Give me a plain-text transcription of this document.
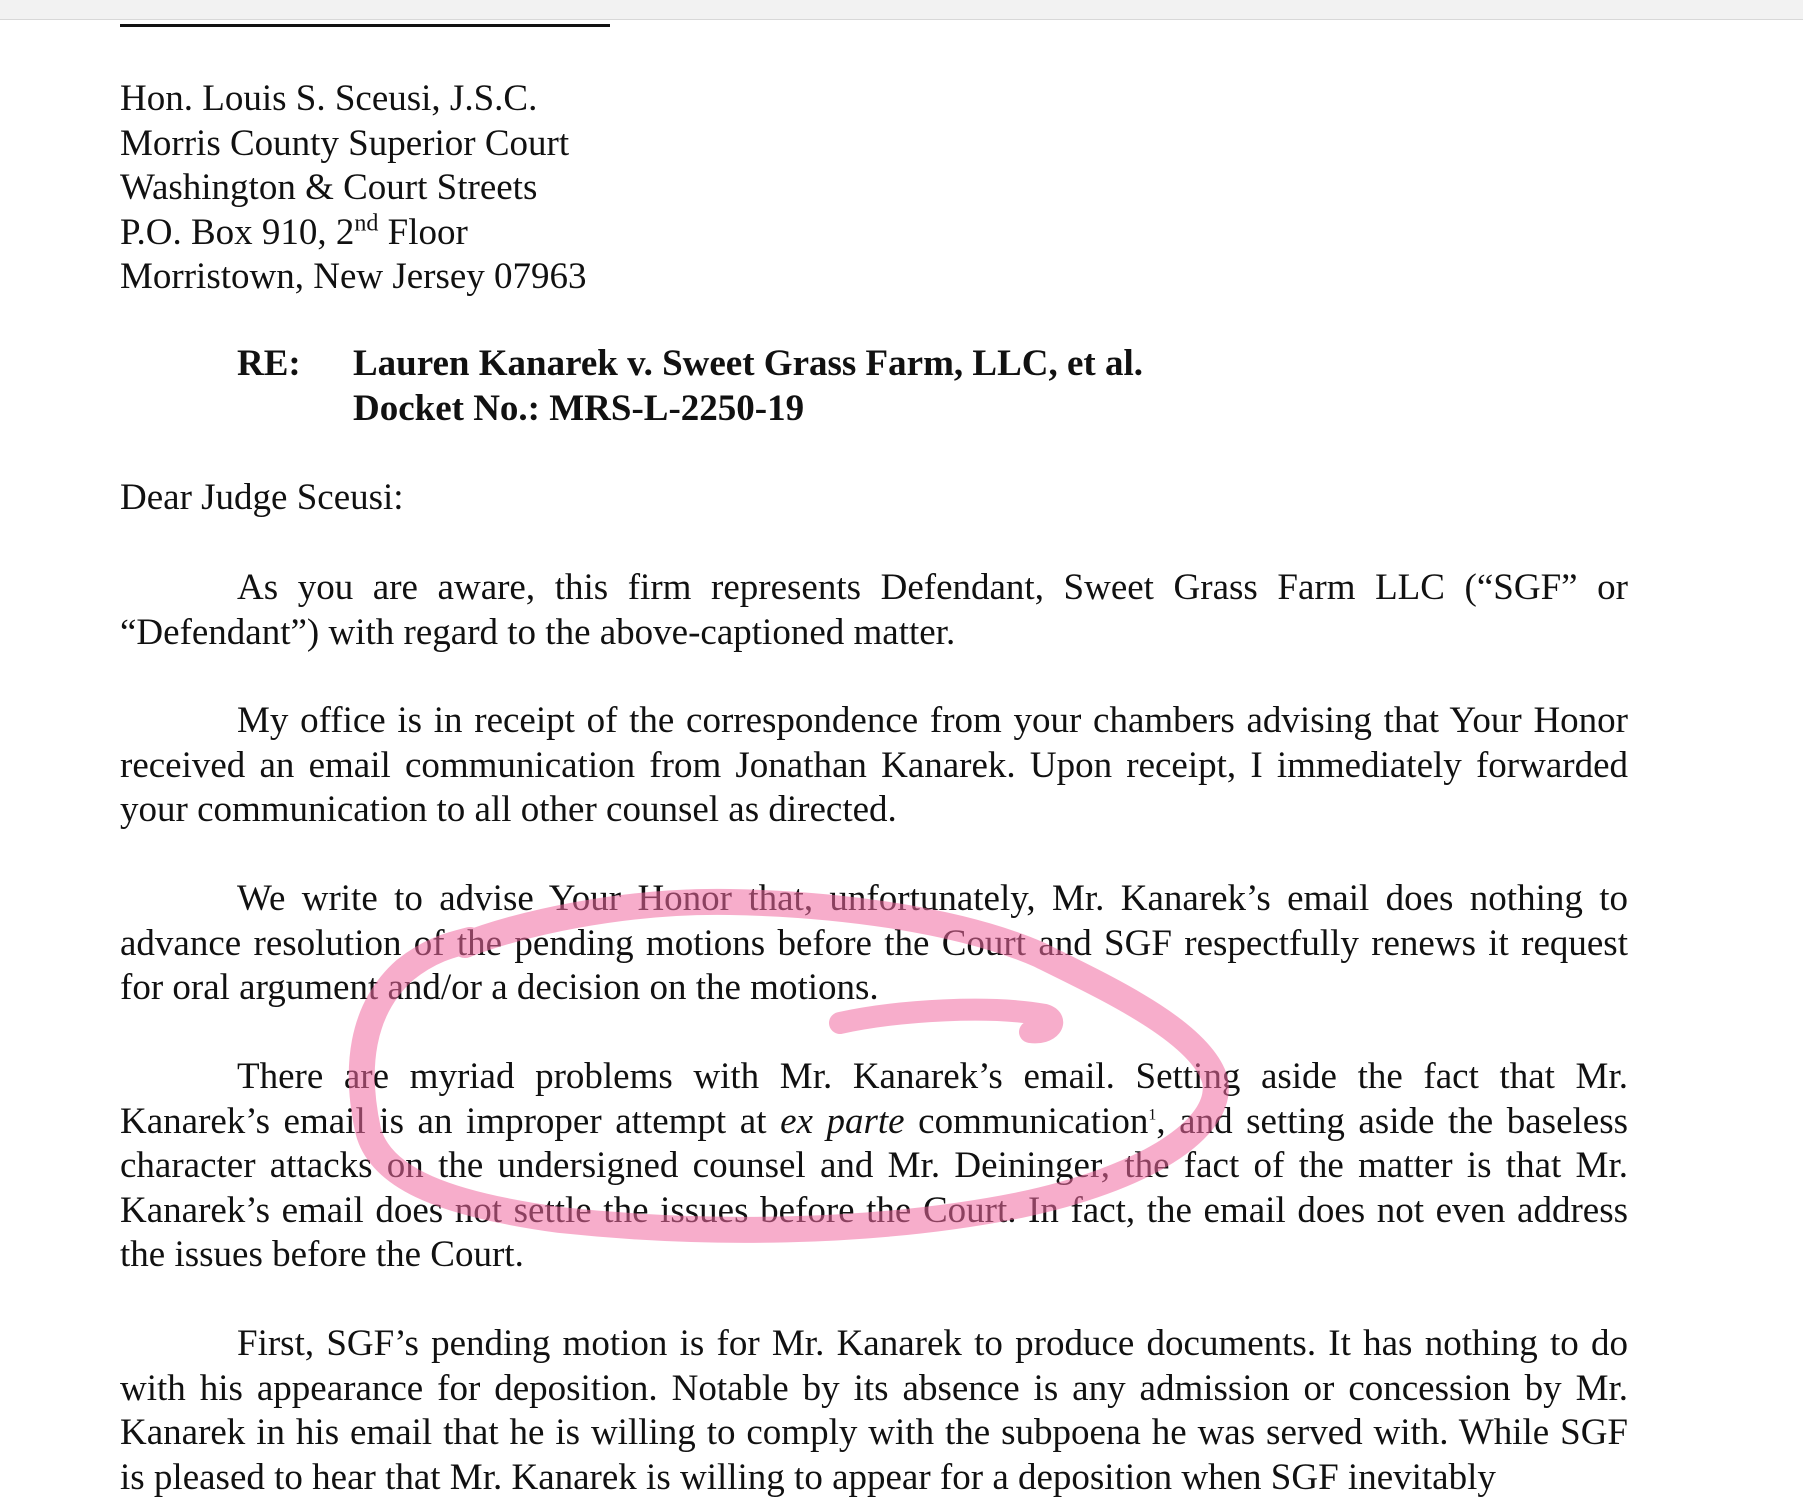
Hon. Louis S. Sceusi, J.S.C.
Morris County Superior Court
Washington & Court Streets
P.O. Box 910, 2nd Floor
Morristown, New Jersey 07963
RE: Lauren Kanarek v. Sweet Grass Farm, LLC, et al.
Docket No.: MRS-L-2250-19
Dear Judge Sceusi:

As you are aware, this firm represents Defendant, Sweet Grass Farm LLC (“SGF” or “Defendant”) with regard to the above-captioned matter.

My office is in receipt of the correspondence from your chambers advising that Your Honor received an email communication from Jonathan Kanarek. Upon receipt, I immediately forwarded your communication to all other counsel as directed.

We write to advise Your Honor that, unfortunately, Mr. Kanarek’s email does nothing to advance resolution of the pending motions before the Court and SGF respectfully renews it request for oral argument and/or a decision on the motions.

There are myriad problems with Mr. Kanarek’s email. Setting aside the fact that Mr. Kanarek’s email is an improper attempt at ex parte communication$^1$, and setting aside the baseless character attacks on the undersigned counsel and Mr. Deininger, the fact of the matter is that Mr. Kanarek’s email does not settle the issues before the Court. In fact, the email does not even address the issues before the Court.

First, SGF’s pending motion is for Mr. Kanarek to produce documents. It has nothing to do with his appearance for deposition. Notable by its absence is any admission or concession by Mr. Kanarek in his email that he is willing to comply with the subpoena he was served with. While SGF is pleased to hear that Mr. Kanarek is willing to appear for a deposition when SGF inevitably
